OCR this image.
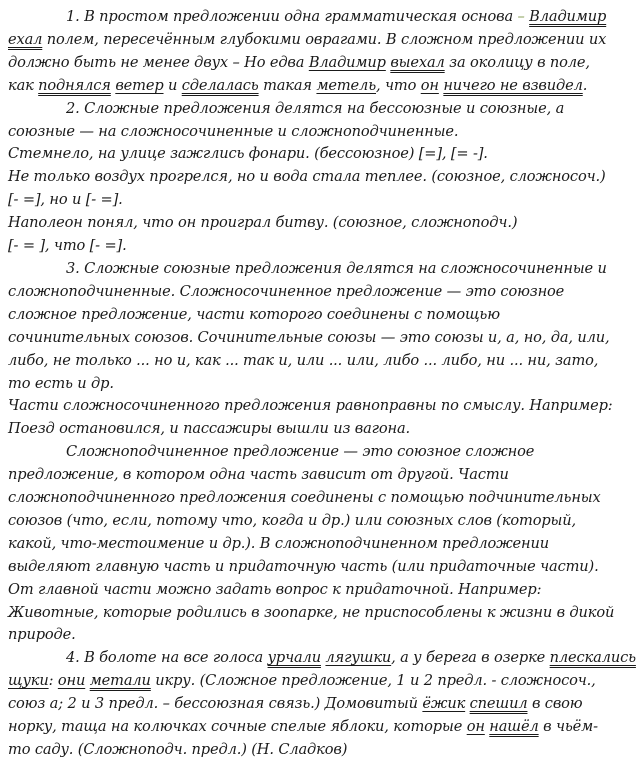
1. В простом предложении одна грамматическая основа – Владимир
ехал полем, пересечённым глубокими оврагами. В сложном предложении их
должно быть не менее двух – Но едва Владимир выехал за околицу в поле,
как поднялся ветер и сделалась такая метель, что он ничего не взвидел.
2. Сложные предложения делятся на бессоюзные и союзные, а
союзные — на сложносочиненные и сложноподчиненные.
Стемнело, на улице зажглись фонари. (бессоюзное) [=], [= -].
Не только воздух прогрелся, но и вода стала теплее. (союзное, сложносоч.)
[- =], но и [- =].
Наполеон понял, что он проиграл битву. (союзное, сложноподч.)
[- = ], что [- =].
3. Сложные союзные предложения делятся на сложносочиненные и
сложноподчиненные. Сложносочиненное предложение — это союзное
сложное предложение, части которого соединены с помощью
сочинительных союзов. Сочинительные союзы — это союзы и, а, но, да, или,
либо, не только ... но и, как ... так и, или ... или, либо ... либо, ни ... ни, зато,
то есть и др.
Части сложносочиненного предложения равноправны по смыслу. Например:
Поезд остановился, и пассажиры вышли из вагона.
Сложноподчиненное предложение — это союзное сложное
предложение, в котором одна часть зависит от другой. Части
сложноподчиненного предложения соединены с помощью подчинительных
союзов (что, если, потому что, когда и др.) или союзных слов (который,
какой, что-местоимение и др.). В сложноподчиненном предложении
выделяют главную часть и придаточную часть (или придаточные части).
От главной части можно задать вопрос к придаточной. Например:
Животные, которые родились в зоопарке, не приспособлены к жизни в дикой
природе.
4. В болоте на все голоса урчали лягушки, а у берега в озерке плескались
щуки: они метали икру. (Сложное предложение, 1 и 2 предл. - сложносоч.,
союз а; 2 и 3 предл. – бессоюзная связь.) Домовитый ёжик спешил в свою
норку, таща на колючках сочные спелые яблоки, которые он нашёл в чьём-
то саду. (Сложноподч. предл.) (Н. Сладков)
